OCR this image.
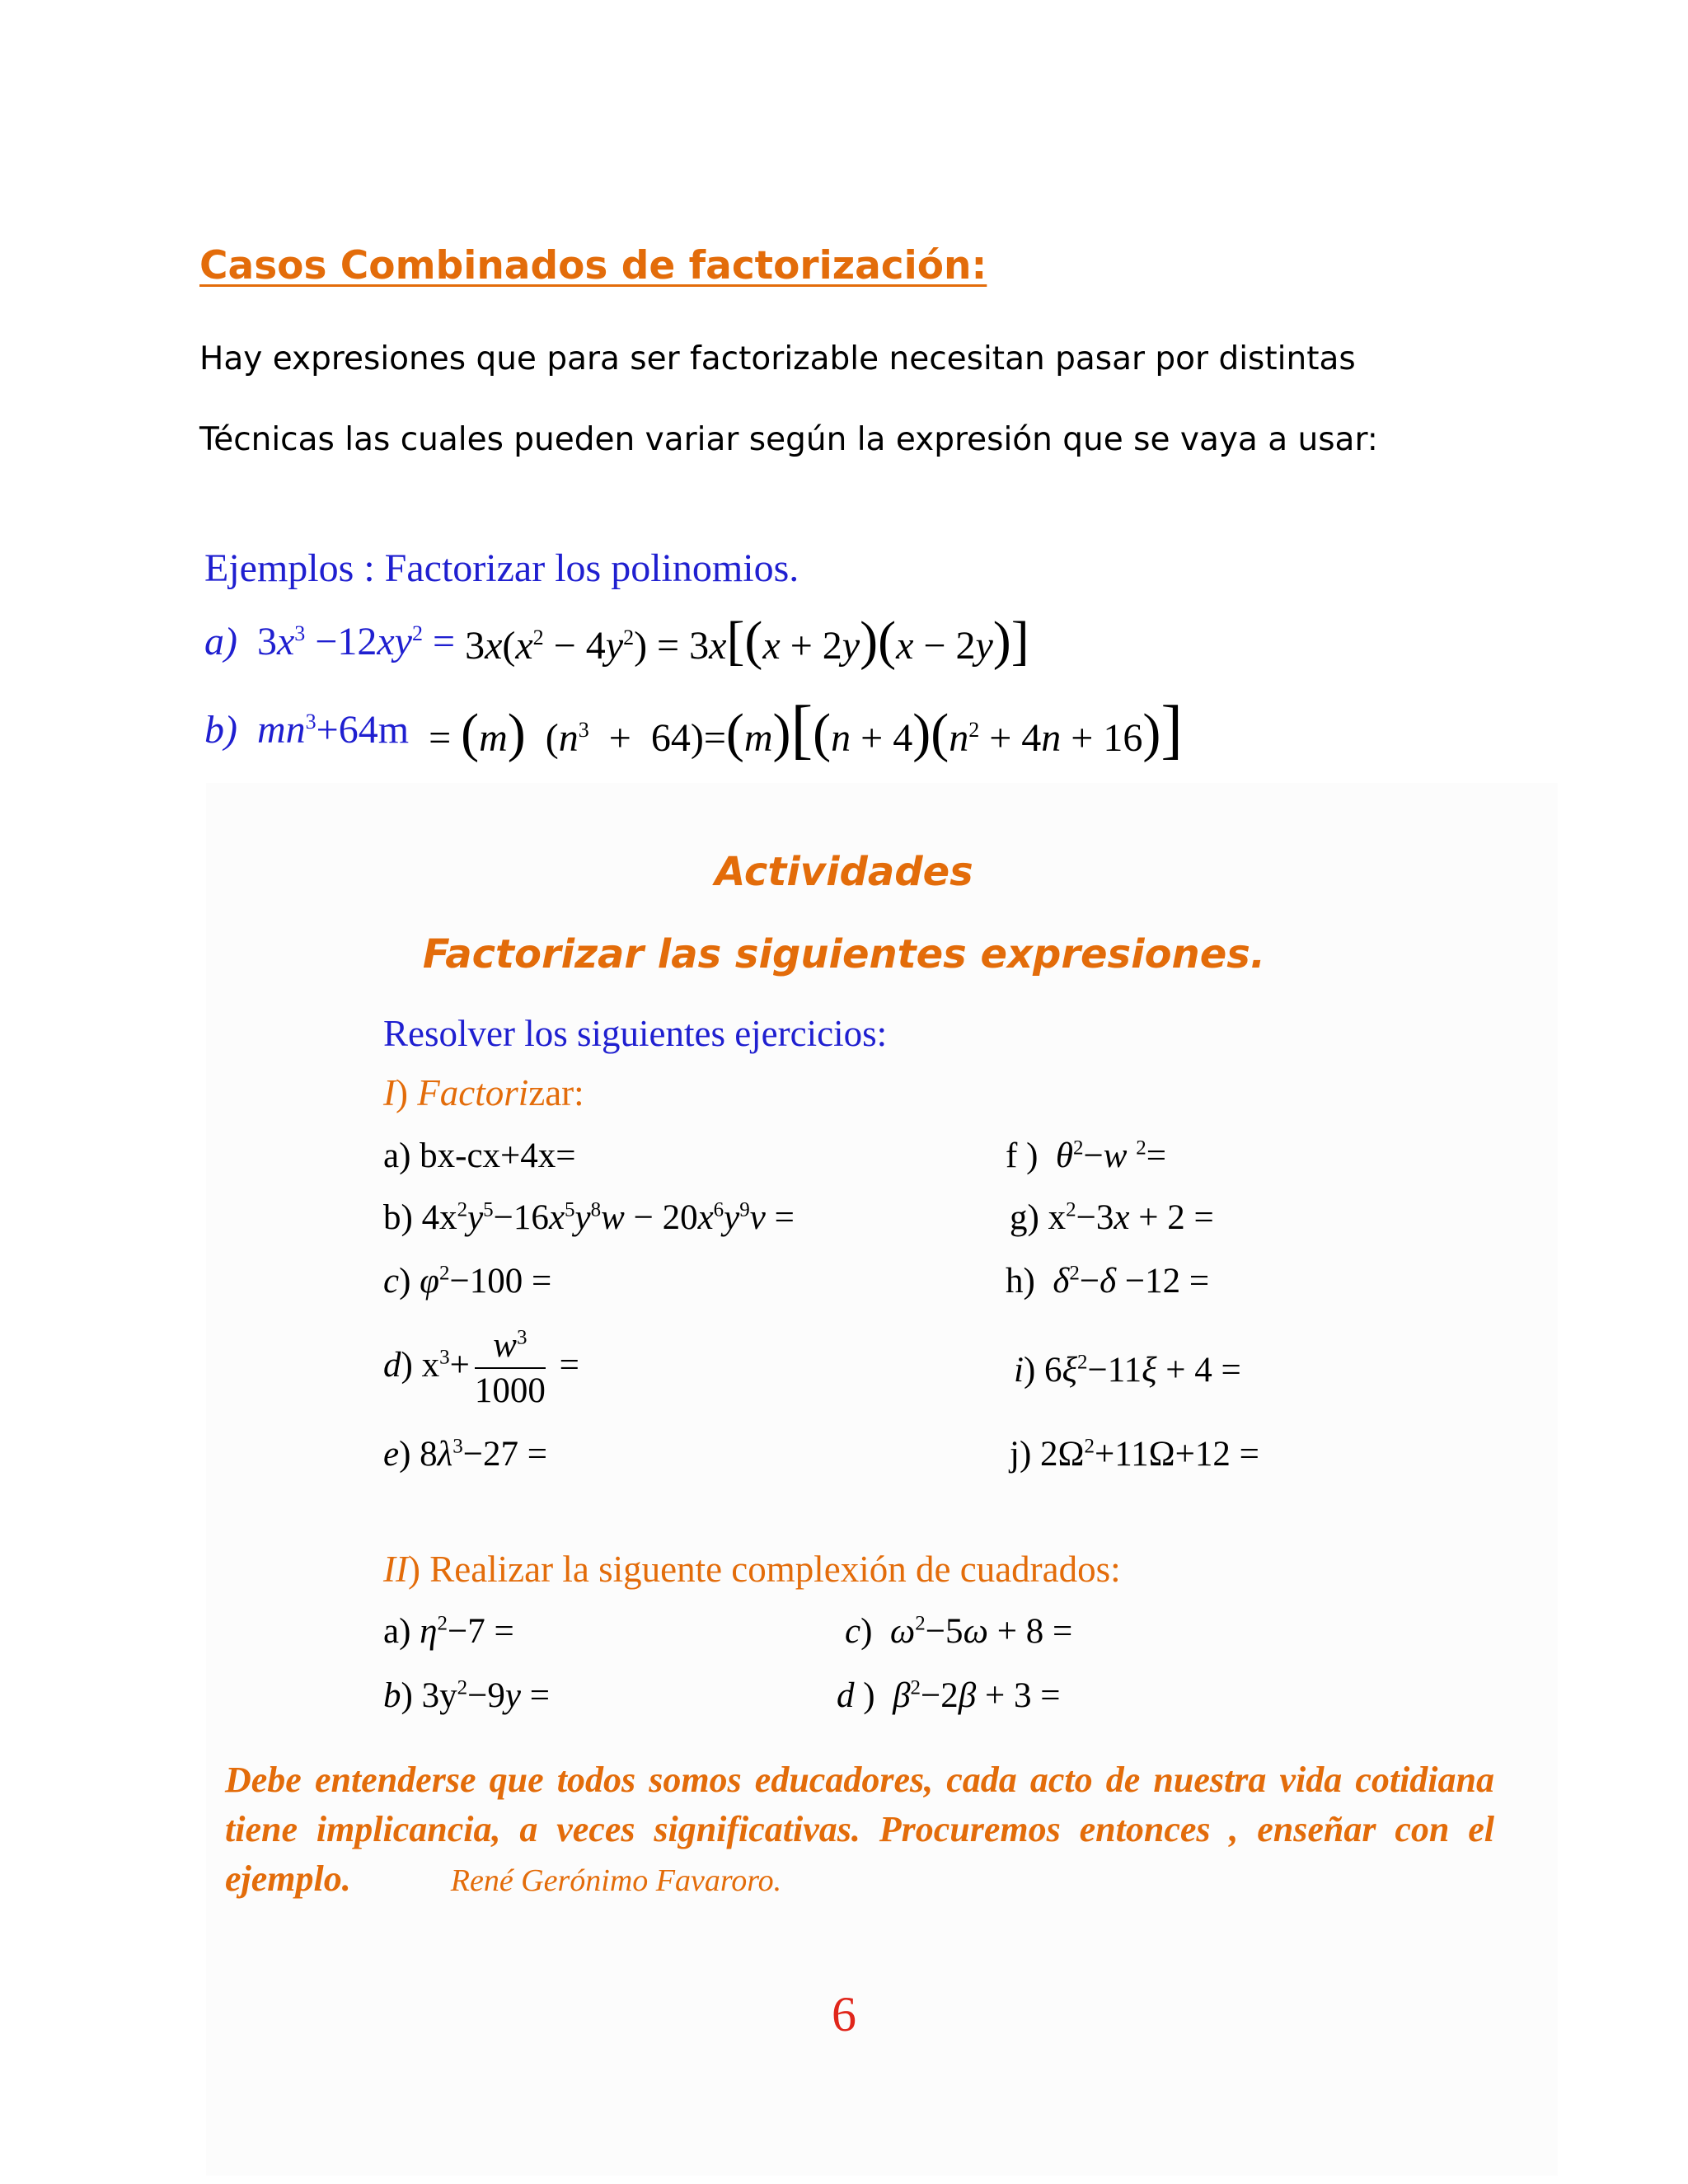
Casos Combinados de factorización:
Hay expresiones que para ser factorizable necesitan pasar por distintas
Técnicas las cuales pueden variar según la expresión que se vaya a usar:
Ejemplos : Factorizar los polinomios.
a) $3x^3 -12xy^2 = 3x(x^2 - 4y^2) = 3x[(x + 2y)(x - 2y)]$
b) $mn^3+64m = (m) (n^3 + 64)=(m)[(n + 4)(n^2 + 4n + 16)]$
Actividades
Factorizar las siguientes expresiones.
Resolver los siguientes ejercicios:
I) Factorizar:
a) bx-cx+4x=
b) $4x^2y^5-16x^5y^8w - 20x^6y^9v$ =
c) $\varphi^2-100$ =
d) $x^3+ \frac{w^3}{1000}$ =
e) $8\lambda^3-27$ =
f )  $\theta^2-w$ $^2$=
g) $x^2-3x + 2$ =
h)  $\delta^2-\delta -12$ =
i) $6\xi^2-11\xi + 4$ =
j) $2\Omega^2+11\Omega+12$ =
II) Realizar la siguente complexión de cuadrados:
a) $\eta^2-7$ =
b) $3y^2-9y$ =
c)  $\omega^2-5\omega + 8$ =
d )  $\beta^2-2\beta + 3$ =
Debe entenderse que todos somos educadores, cada acto de nuestra vida cotidiana tiene implicancia, a veces significativas. Procuremos entonces , enseñar con el ejemplo.	René Gerónimo Favaroro.
6
